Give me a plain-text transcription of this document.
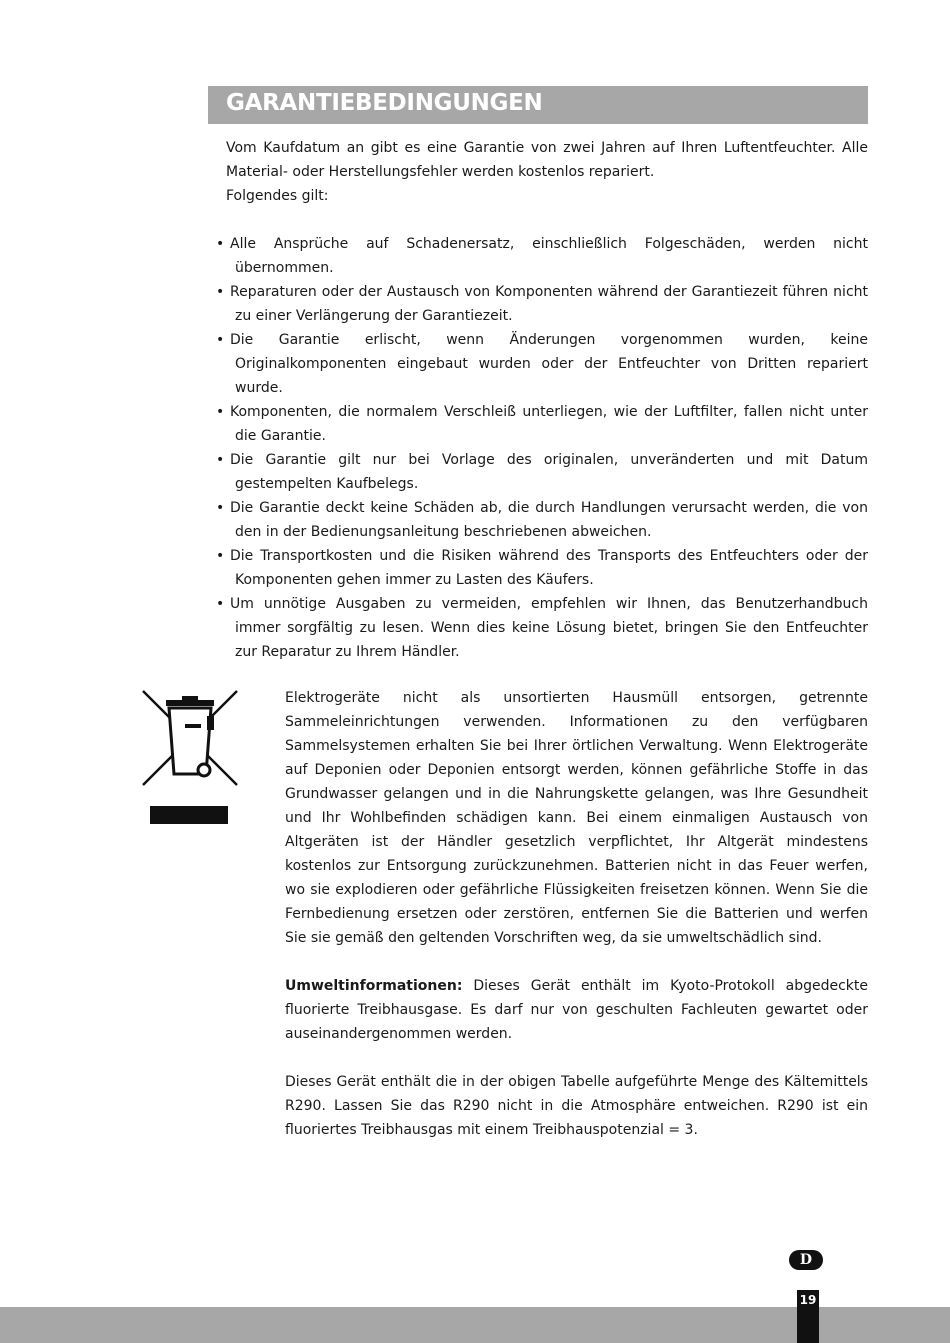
GARANTIEBEDINGUNGEN

Vom Kaufdatum an gibt es eine Garantie von zwei Jahren auf Ihren Luftentfeuchter. Alle Material- oder Herstellungsfehler werden kostenlos repariert.

Folgendes gilt:

• Alle Ansprüche auf Schadenersatz, einschließlich Folgeschäden, werden nicht übernommen.
• Reparaturen oder der Austausch von Komponenten während der Garantiezeit führen nicht zu einer Verlängerung der Garantiezeit.
• Die Garantie erlischt, wenn Änderungen vorgenommen wurden, keine Originalkomponenten eingebaut wurden oder der Entfeuchter von Dritten repariert wurde.
• Komponenten, die normalem Verschleiß unterliegen, wie der Luftfilter, fallen nicht unter die Garantie.
• Die Garantie gilt nur bei Vorlage des originalen, unveränderten und mit Datum gestempelten Kaufbelegs.
• Die Garantie deckt keine Schäden ab, die durch Handlungen verursacht werden, die von den in der Bedienungsanleitung beschriebenen abweichen.
• Die Transportkosten und die Risiken während des Transports des Entfeuchters oder der Komponenten gehen immer zu Lasten des Käufers.
• Um unnötige Ausgaben zu vermeiden, empfehlen wir Ihnen, das Benutzerhandbuch immer sorgfältig zu lesen. Wenn dies keine Lösung bietet, bringen Sie den Entfeuchter zur Reparatur zu Ihrem Händler.

Elektrogeräte nicht als unsortierten Hausmüll entsorgen, getrennte Sammeleinrichtungen verwenden. Informationen zu den verfügbaren Sammelsystemen erhalten Sie bei Ihrer örtlichen Verwaltung. Wenn Elektrogeräte auf Deponien oder Deponien entsorgt werden, können gefährliche Stoffe in das Grundwasser gelangen und in die Nahrungskette gelangen, was Ihre Gesundheit und Ihr Wohlbefinden schädigen kann. Bei einem einmaligen Austausch von Altgeräten ist der Händler gesetzlich verpflichtet, Ihr Altgerät mindestens kostenlos zur Entsorgung zurückzunehmen. Batterien nicht in das Feuer werfen, wo sie explodieren oder gefährliche Flüssigkeiten freisetzen können. Wenn Sie die Fernbedienung ersetzen oder zerstören, entfernen Sie die Batterien und werfen Sie sie gemäß den geltenden Vorschriften weg, da sie umweltschädlich sind.

Umweltinformationen: Dieses Gerät enthält im Kyoto-Protokoll abgedeckte fluorierte Treibhausgase. Es darf nur von geschulten Fachleuten gewartet oder auseinandergenommen werden.

Dieses Gerät enthält die in der obigen Tabelle aufgeführte Menge des Kältemittels R290. Lassen Sie das R290 nicht in die Atmosphäre entweichen. R290 ist ein fluoriertes Treibhausgas mit einem Treibhauspotenzial = 3.

D
19
